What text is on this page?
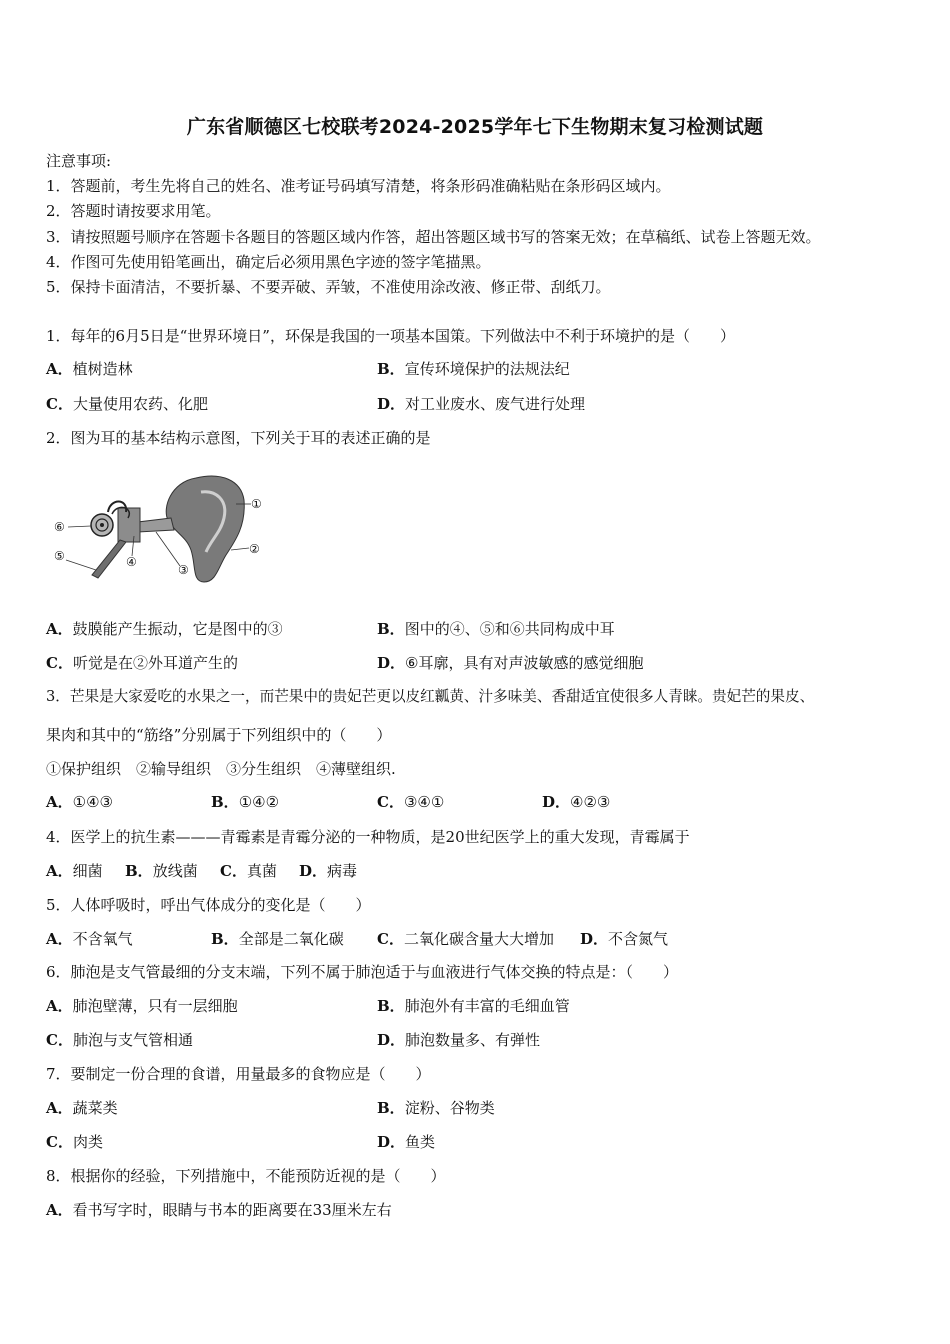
广东省顺德区七校联考2024-2025学年七下生物期末复习检测试题
注意事项:
1．答题前，考生先将自己的姓名、准考证号码填写清楚，将条形码准确粘贴在条形码区域内。
2．答题时请按要求用笔。
3．请按照题号顺序在答题卡各题目的答题区域内作答，超出答题区域书写的答案无效；在草稿纸、试卷上答题无效。
4．作图可先使用铅笔画出，确定后必须用黑色字迹的签字笔描黑。
5．保持卡面清洁，不要折暴、不要弄破、弄皱，不准使用涂改液、修正带、刮纸刀。
1．每年的6月5日是“世界环境日”，环保是我国的一项基本国策。下列做法中不利于环境护的是（　　）
A．植树造林	B．宣传环境保护的法规法纪
C．大量使用农药、化肥	D．对工业废水、废气进行处理
2．图为耳的基本结构示意图，下列关于耳的表述正确的是
①
②
③
④
⑤
⑥
A．鼓膜能产生振动，它是图中的③	B．图中的④、⑤和⑥共同构成中耳
C．听觉是在②外耳道产生的	D．⑥耳廓，具有对声波敏感的感觉细胞
3．芒果是大家爱吃的水果之一，而芒果中的贵妃芒更以皮红瓤黄、汁多味美、香甜适宜使很多人青睐。贵妃芒的果皮、
果肉和其中的“筋络”分别属于下列组织中的（　　）
①保护组织　②输导组织　③分生组织　④薄壁组织.
A．①④③	B．①④②	C．③④①	D．④②③
4．医学上的抗生素———青霉素是青霉分泌的一种物质，是20世纪医学上的重大发现，青霉属于
A．细菌 B．放线菌 C．真菌 D．病毒
5．人体呼吸时，呼出气体成分的变化是（　　）
A．不含氧气	B．全部是二氧化碳 C．二氧化碳含量大大增加 D．不含氮气
6．肺泡是支气管最细的分支末端，下列不属于肺泡适于与血液进行气体交换的特点是：（　　）
A．肺泡壁薄，只有一层细胞	B．肺泡外有丰富的毛细血管
C．肺泡与支气管相通	D．肺泡数量多、有弹性
7．要制定一份合理的食谱，用量最多的食物应是（　　）
A．蔬菜类	B．淀粉、谷物类
C．肉类	D．鱼类
8．根据你的经验，下列措施中，不能预防近视的是（　　）
A．看书写字时，眼睛与书本的距离要在33厘米左右
